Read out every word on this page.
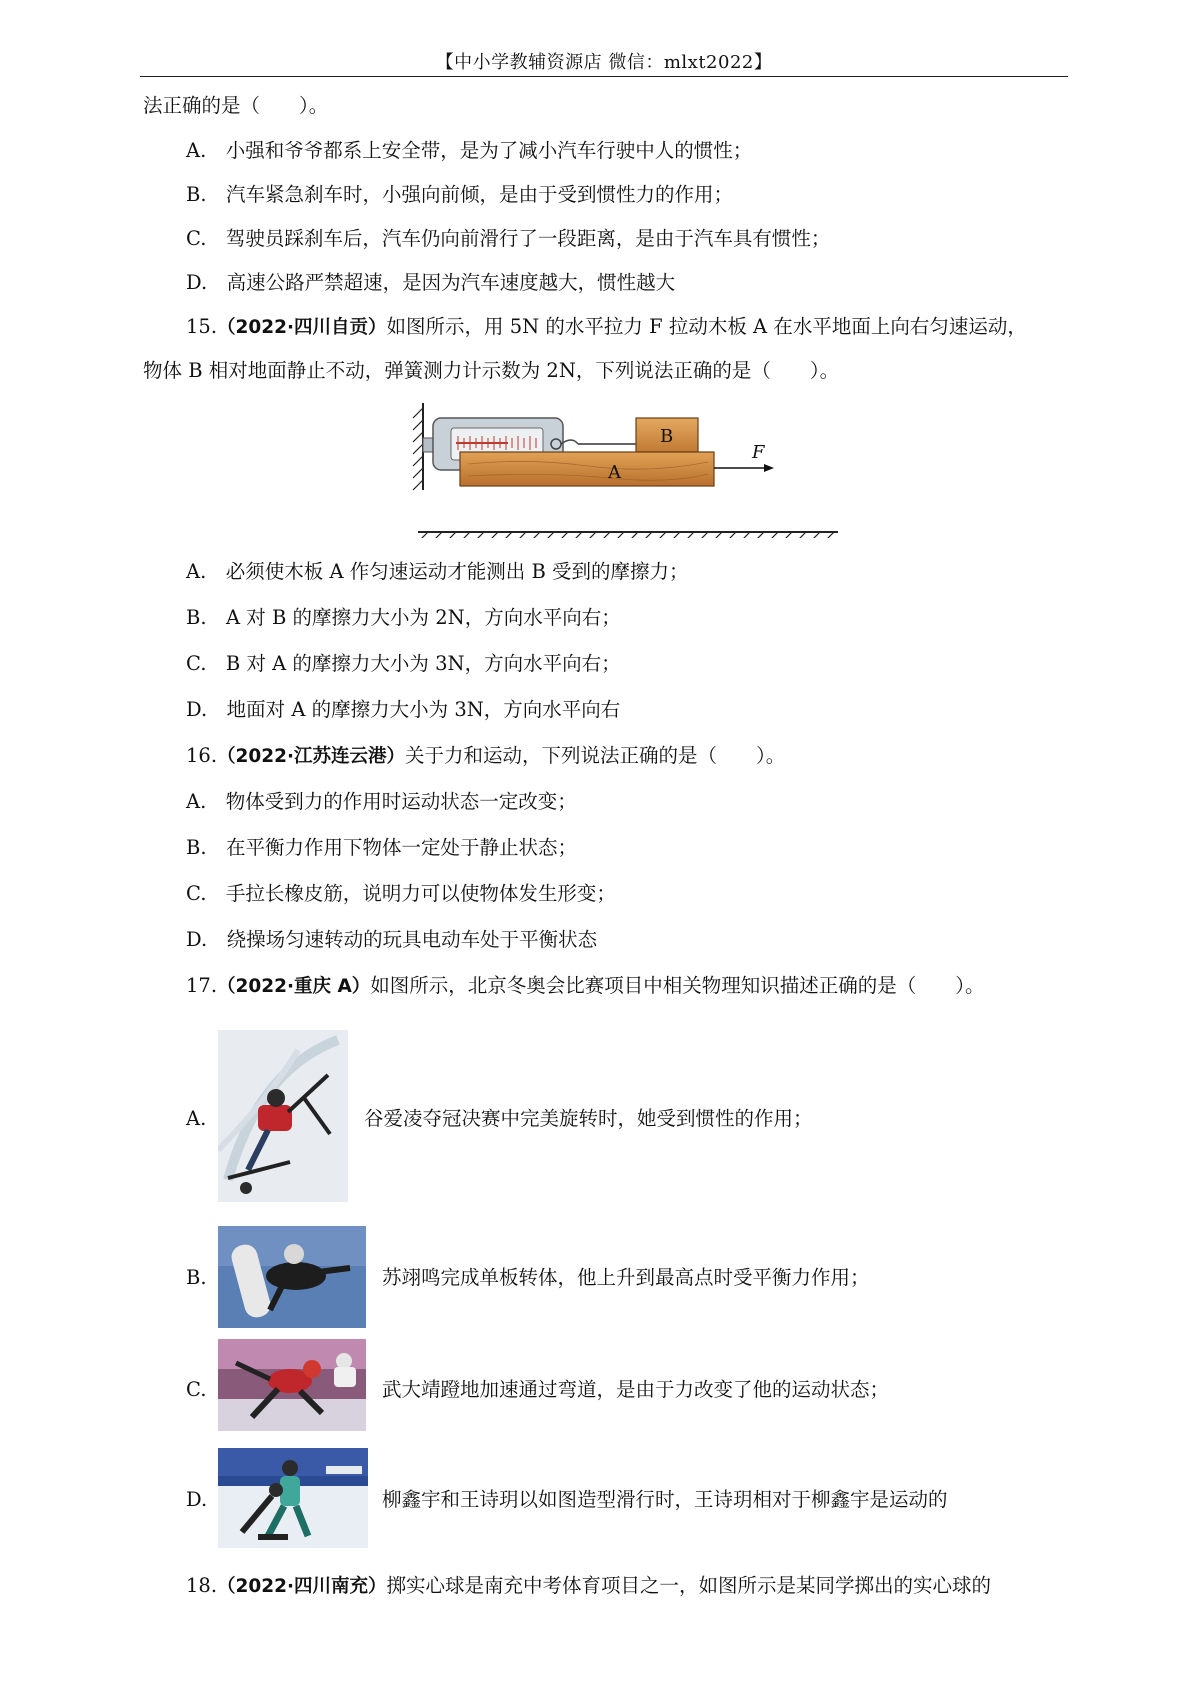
【中小学教辅资源店 微信：mlxt2022】
法正确的是（　　）。
A.　小强和爷爷都系上安全带，是为了减小汽车行驶中人的惯性；
B.　汽车紧急刹车时，小强向前倾，是由于受到惯性力的作用；
C.　驾驶员踩刹车后，汽车仍向前滑行了一段距离，是由于汽车具有惯性；
D.　高速公路严禁超速，是因为汽车速度越大，惯性越大
15.（2022·四川自贡）如图所示，用 5N 的水平拉力 F 拉动木板 A 在水平地面上向右匀速运动，
物体 B 相对地面静止不动，弹簧测力计示数为 2N，下列说法正确的是（　　）。
B
A
F
A.　必须使木板 A 作匀速运动才能测出 B 受到的摩擦力；
B.　A 对 B 的摩擦力大小为 2N，方向水平向右；
C.　B 对 A 的摩擦力大小为 3N，方向水平向右；
D.　地面对 A 的摩擦力大小为 3N，方向水平向右
16.（2022·江苏连云港）关于力和运动，下列说法正确的是（　　）。
A.　物体受到力的作用时运动状态一定改变；
B.　在平衡力作用下物体一定处于静止状态；
C.　手拉长橡皮筋，说明力可以使物体发生形变；
D.　绕操场匀速转动的玩具电动车处于平衡状态
17.（2022·重庆 A）如图所示，北京冬奥会比赛项目中相关物理知识描述正确的是（　　）。
A.	谷爱凌夺冠决赛中完美旋转时，她受到惯性的作用；
B.	苏翊鸣完成单板转体，他上升到最高点时受平衡力作用；
C.	武大靖蹬地加速通过弯道，是由于力改变了他的运动状态；
D.	柳鑫宇和王诗玥以如图造型滑行时，王诗玥相对于柳鑫宇是运动的
18.（2022·四川南充）掷实心球是南充中考体育项目之一，如图所示是某同学掷出的实心球的
